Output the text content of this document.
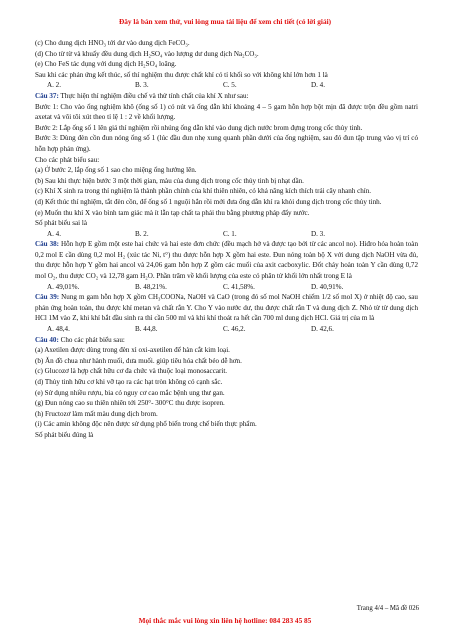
Đây là bản xem thử, vui lòng mua tài liệu để xem chi tiết (có lời giải)

(c) Cho dung dịch HNO₃ tới dư vào dung dịch FeCO₃.

(d) Cho từ từ và khuấy đều dung dịch H₂SO₄ vào lượng dư dung dịch Na₂CO₃.

(e) Cho FeS tác dụng với dung dịch H₂SO₄ loãng.

Sau khi các phản ứng kết thúc, số thí nghiệm thu được chất khí có tỉ khối so với không khí lớn hơn 1 là

A. 2.	B. 3.	C. 5.	D. 4.

Câu 37: Thực hiện thí nghiệm điều chế và thử tính chất của khí X như sau:

Bước 1: Cho vào ống nghiệm khô (ống số 1) có nút và ống dẫn khí khoảng 4 – 5 gam hỗn hợp bột mịn đã được trộn đều gồm natri axetat và vôi tôi xút theo tỉ lệ 1 : 2 về khối lượng.

Bước 2: Lắp ống số 1 lên giá thí nghiệm rồi nhúng ống dẫn khí vào dung dịch nước brom đựng trong cốc thủy tinh.

Bước 3: Dùng đèn cồn đun nóng ống số 1 (lúc đầu đun nhẹ xung quanh phần dưới của ống nghiệm, sau đó đun tập trung vào vị trí có hỗn hợp phản ứng).

Cho các phát biểu sau:

(a) Ở bước 2, lắp ống số 1 sao cho miệng ống hướng lên.

(b) Sau khi thực hiện bước 3 một thời gian, màu của dung dịch trong cốc thủy tinh bị nhạt dần.

(c) Khí X sinh ra trong thí nghiệm là thành phần chính của khí thiên nhiên, có khả năng kích thích trái cây nhanh chín.

(d) Kết thúc thí nghiệm, tắt đèn cồn, để ống số 1 nguội hẳn rồi mới đưa ống dẫn khí ra khỏi dung dịch trong cốc thủy tinh.

(e) Muốn thu khí X vào bình tam giác mà ít lẫn tạp chất ta phải thu bằng phương pháp đẩy nước.

Số phát biểu sai là

A. 4.	B. 2.	C. 1.	D. 3.

Câu 38: Hỗn hợp E gồm một este hai chức và hai este đơn chức (đều mạch hở và được tạo bởi từ các ancol no). Hiđro hóa hoàn toàn 0,2 mol E cần dùng 0,2 mol H₂ (xúc tác Ni, t°) thu được hỗn hợp X gồm hai este. Đun nóng toàn bộ X với dung dịch NaOH vừa đủ, thu được hỗn hợp Y gồm hai ancol và 24,06 gam hỗn hợp Z gồm các muối của axit cacboxylic. Đốt cháy hoàn toàn Y cần dùng 0,72 mol O₂, thu được CO₂ và 12,78 gam H₂O. Phần trăm về khối lượng của este có phân tử khối lớn nhất trong E là

A. 49,01%.	B. 48,21%.	C. 41,58%.	D. 40,91%.

Câu 39: Nung m gam hỗn hợp X gồm CH₃COONa, NaOH và CaO (trong đó số mol NaOH chiếm 1/2 số mol X) ở nhiệt độ cao, sau phản ứng hoàn toàn, thu được khí metan và chất rắn Y. Cho Y vào nước dư, thu được chất rắn T và dung dịch Z. Nhỏ từ từ dung dịch HCl 1M vào Z, khi khí bắt đầu sinh ra thì cần 500 ml và khi khí thoát ra hết cần 700 ml dung dịch HCl. Giá trị của m là

A. 48,4.	B. 44,8.	C. 46,2.	D. 42,6.

Câu 40: Cho các phát biểu sau:

(a) Axetilen được dùng trong đèn xì oxi-axetilen để hàn cắt kim loại.

(b) Ăn đồ chua như hành muối, dưa muối. giúp tiêu hóa chất béo dễ hơn.

(c) Glucozơ là hợp chất hữu cơ đa chức và thuộc loại monosaccarit.

(d) Thủy tinh hữu cơ khi vỡ tạo ra các hạt tròn không có cạnh sắc.

(e) Sử dụng nhiều rượu, bia có nguy cơ cao mắc bệnh ung thư gan.

(g) Đun nóng cao su thiên nhiên tới 250°- 300°C thu được isopren.

(h) Fructozơ làm mất màu dung dịch brom.

(i) Các amin không độc nên được sử dụng phổ biến trong chế biến thực phẩm.

Số phát biểu đúng là

Trang 4/4 – Mã đề 026
Mọi thắc mắc vui lòng xin liên hệ hotline: 084 283 45 85
